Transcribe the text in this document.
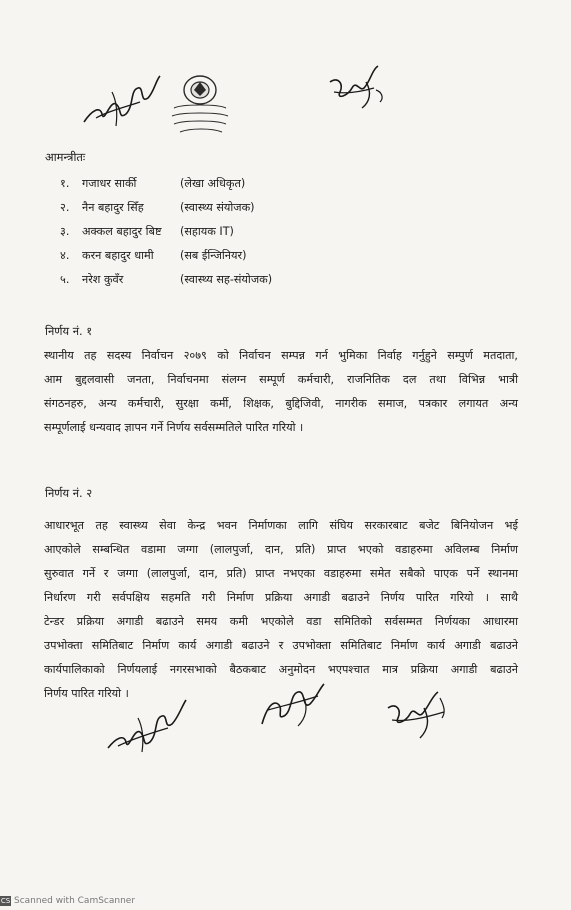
आमन्त्रीतः
१. गजाधर सार्की	(लेखा अधिकृत)
२. नैन बहादुर सिँह	(स्वास्थ्य संयोजक)
३. अक्कल बहादुर बिष्ट (सहायक IT)
४. करन बहादुर धामी (सब ईन्जिनियर)
५. नरेश कुवँर	(स्वास्थ्य सह-संयोजक)
निर्णय नं. १
स्थानीय तह सदस्य निर्वाचन २०७९ को निर्वाचन सम्पन्न गर्न भुमिका निर्वाह गर्नुहुने सम्पुर्ण मतदाता,
आम बुद्दलवासी जनता, निर्वाचनमा संलग्न सम्पूर्ण कर्मचारी, राजनितिक दल तथा विभिन्न भात्री
संगठनहरु, अन्य कर्मचारी, सुरक्षा कर्मी, शिक्षक, बुद्दिजिवी, नागरीक समाज, पत्रकार लगायत अन्य
सम्पूर्णलाई धन्यवाद ज्ञापन गर्ने निर्णय सर्वसम्मतिले पारित गरियो ।
निर्णय नं. २
आधारभूत तह स्वास्थ्य सेवा केन्द्र भवन निर्माणका लागि संघिय सरकारबाट बजेट बिनियोजन भई
आएकोले सम्बन्धित वडामा जग्गा (लालपुर्जा, दान, प्रति) प्राप्त भएको वडाहरुमा अविलम्ब निर्माण
सुरुवात गर्ने र जग्गा (लालपुर्जा, दान, प्रति) प्राप्त नभएका वडाहरुमा समेत सबैको पाएक पर्ने स्थानमा
निर्धारण गरी सर्वपक्षिय सहमति गरी निर्माण प्रक्रिया अगाडी बढाउने निर्णय पारित गरियो । साथै
टेन्डर प्रक्रिया अगाडी बढाउने समय कमी भएकोले वडा समितिको सर्वसम्मत निर्णयका आधारमा
उपभोक्ता समितिबाट निर्माण कार्य अगाडी बढाउने र उपभोक्ता समितिबाट निर्माण कार्य अगाडी बढाउने
कार्यपालिकाको निर्णयलाई नगरसभाको बैठकबाट अनुमोदन भएपश्चात मात्र प्रक्रिया अगाडी बढाउने
निर्णय पारित गरियो ।
CS Scanned with CamScanner
